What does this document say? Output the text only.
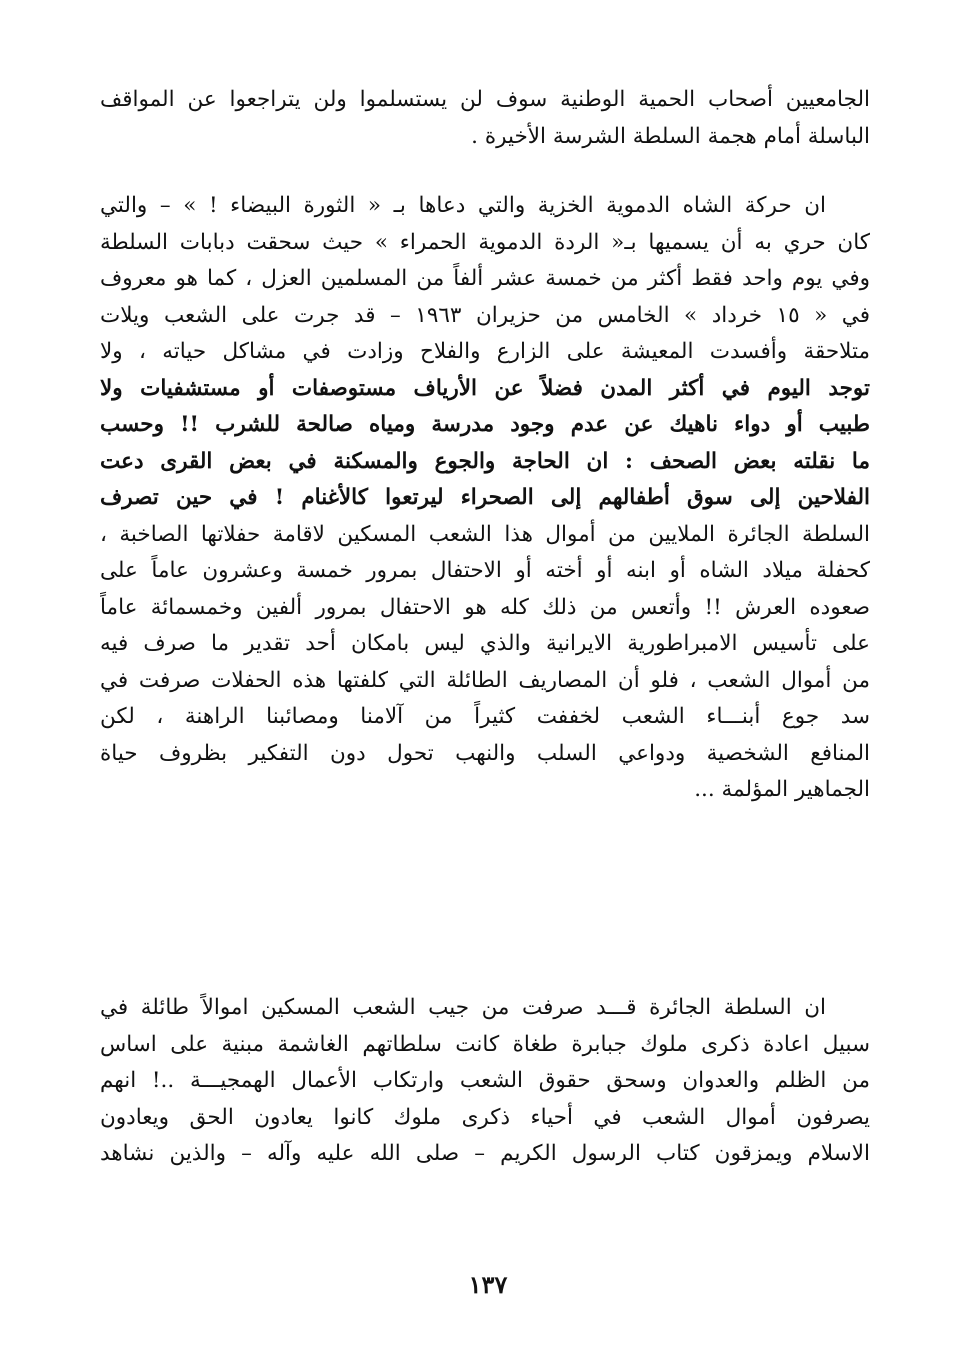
الجامعيين أصحاب الحمية الوطنية سوف لن يستسلموا ولن يتراجعوا عن المواقف
الباسلة أمام هجمة السلطة الشرسة الأخيرة .
ان حركة الشاه الدموية الخزية والتي دعاها بـ « الثورة البيضاء ! » – والتي
كان حري به أن يسميها بـ« الردة الدموية الحمراء » حيث سحقت دبابات السلطة
وفي يوم واحد فقط أكثر من خمسة عشر ألفاً من المسلمين العزل ، كما هو معروف
في « ١٥ خرداد » الخامس من حزيران ١٩٦٣ – قد جرت على الشعب ويلات
متلاحقة وأفسدت المعيشة على الزارع والفلاح وزادت في مشاكل حياته ، ولا
توجد اليوم في أكثر المدن فضلاً عن الأرياف مستوصفات أو مستشفيات ولا
طبيب أو دواء ناهيك عن عدم وجود مدرسة ومياه صالحة للشرب !! وحسب
ما نقلته بعض الصحف : ان الحاجة والجوع والمسكنة في بعض القرى دعت
الفلاحين إلى سوق أطفالهم إلى الصحراء ليرتعوا كالأغنام ! في حين تصرف
السلطة الجائرة الملايين من أموال هذا الشعب المسكين لاقامة حفلاتها الصاخبة ،
كحفلة ميلاد الشاه أو ابنه أو أخته أو الاحتفال بمرور خمسة وعشرون عاماً على
صعوده العرش !! وأتعس من ذلك كله هو الاحتفال بمرور ألفين وخمسمائة عاماً
على تأسيس الامبراطورية الايرانية والذي ليس بامكان أحد تقدير ما صرف فيه
من أموال الشعب ، فلو أن المصاريف الطائلة التي كلفتها هذه الحفلات صرفت في
سد جوع أبنـــاء الشعب لخففت كثيراً من آلامنا ومصائبنا الراهنة ، لكن
المنافع الشخصية ودواعي السلب والنهب تحول دون التفكير بظروف حياة
الجماهير المؤلمة ...
ان السلطة الجائرة قـــد صرفت من جيب الشعب المسكين اموالاً طائلة في
سبيل اعادة ذكرى ملوك جبابرة طغاة كانت سلطاتهم الغاشمة مبنية على اساس
من الظلم والعدوان وسحق حقوق الشعب وارتكاب الأعمال الهمجيـــة ..! انهم
يصرفون أموال الشعب في أحياء ذكرى ملوك كانوا يعادون الحق ويعادون
الاسلام ويمزقون كتاب الرسول الكريم – صلى الله عليه وآله – والذين نشاهد
١٣٧
